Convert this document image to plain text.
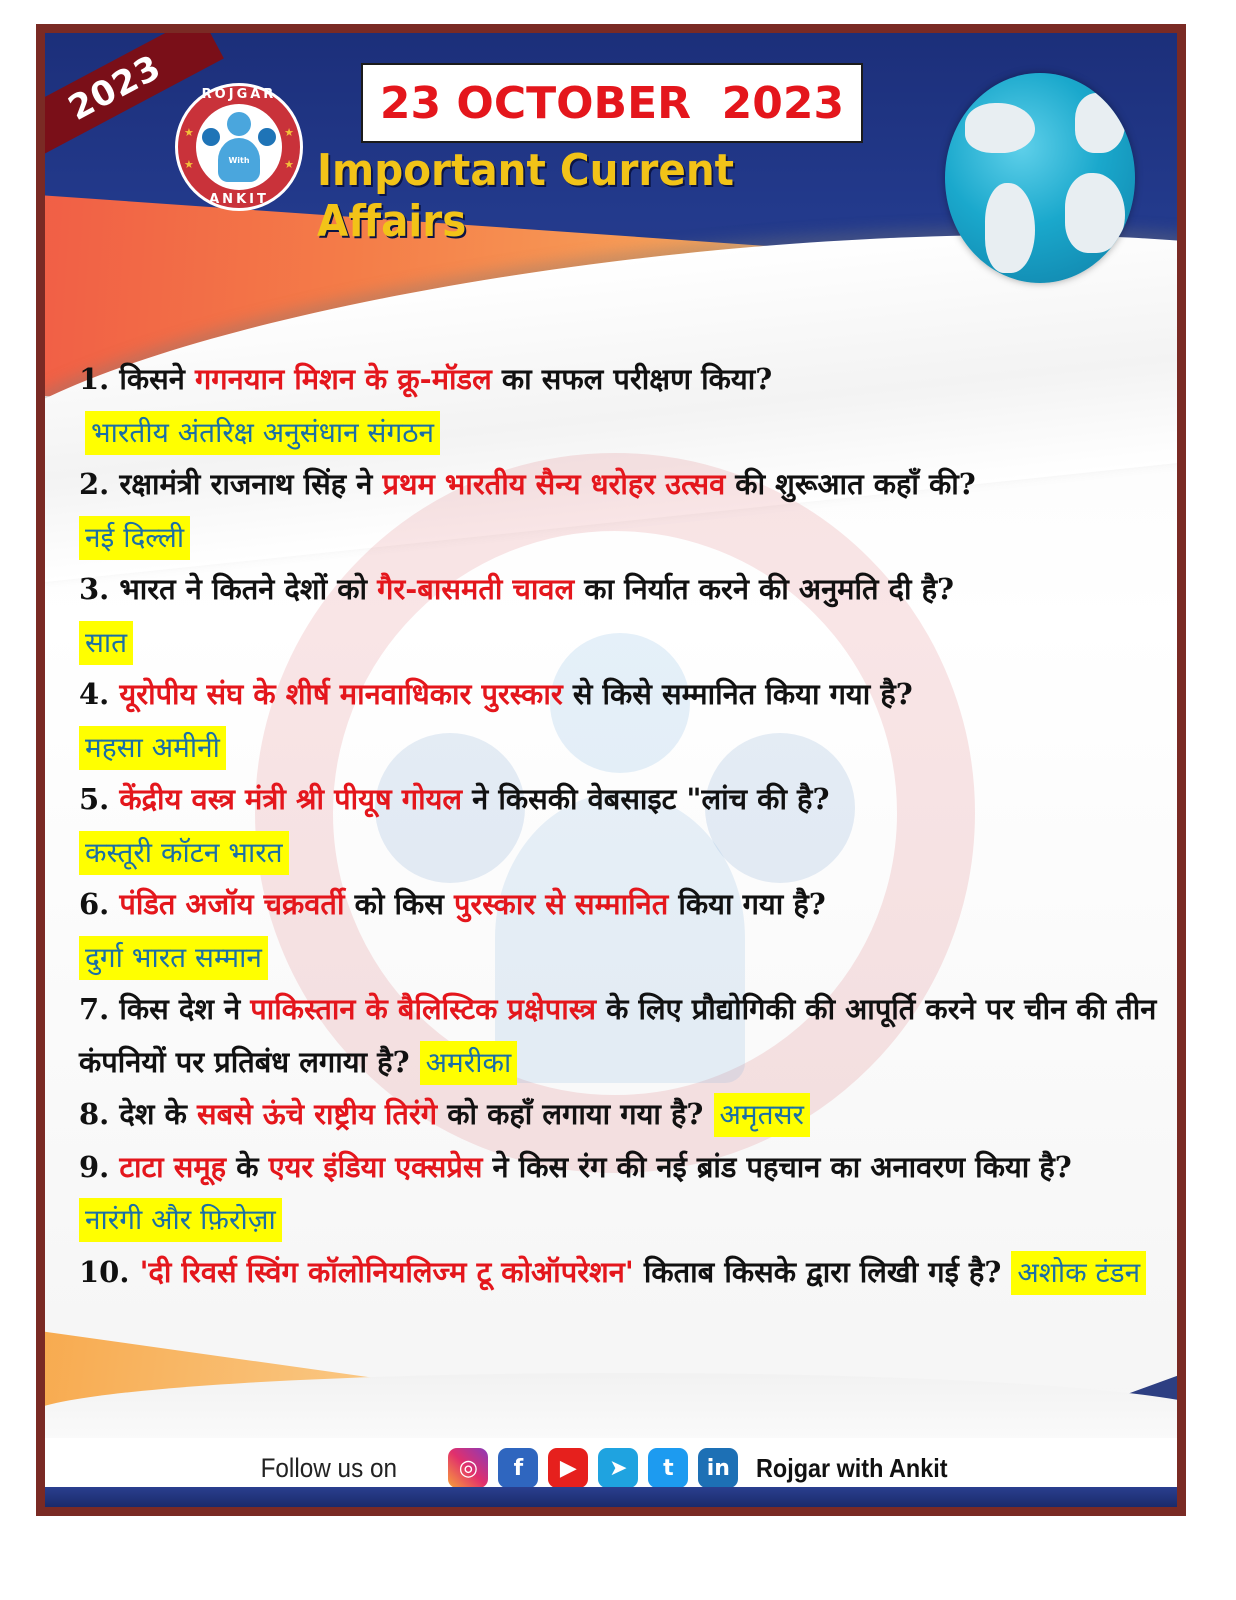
2023	ROJGAR
★	★
★	★
With
ANKIT
23 OCTOBER  2023
Important Current Affairs
1. किसने गगनयान मिशन के क्रू-मॉडल का सफल परीक्षण किया?
भारतीय अंतरिक्ष अनुसंधान संगठन
2. रक्षामंत्री राजनाथ सिंह ने प्रथम भारतीय सैन्य धरोहर उत्सव की शुरूआत कहाँ की?
नई दिल्ली
3. भारत ने कितने देशों को गैर-बासमती चावल का निर्यात करने की अनुमति दी है?
सात
4. यूरोपीय संघ के शीर्ष मानवाधिकार पुरस्कार से किसे सम्मानित किया गया है?
महसा अमीनी
5. केंद्रीय वस्त्र मंत्री श्री पीयूष गोयल ने किसकी वेबसाइट "लांच की है?
कस्तूरी कॉटन भारत
6. पंडित अजॉय चक्रवर्ती को किस पुरस्कार से सम्मानित किया गया है?
दुर्गा भारत सम्मान
7. किस देश ने पाकिस्तान के बैलिस्टिक प्रक्षेपास्त्र के लिए प्रौद्योगिकी की आपूर्ति करने पर चीन की तीन कंपनियों पर प्रतिबंध लगाया है? अमरीका
8. देश के सबसे ऊंचे राष्ट्रीय तिरंगे को कहाँ लगाया गया है? अमृतसर
9. टाटा समूह के एयर इंडिया एक्सप्रेस ने किस रंग की नई ब्रांड पहचान का अनावरण किया है? नारंगी और फ़िरोज़ा
10. 'दी रिवर्स स्विंग कॉलोनियलिज्म टू कोऑपरेशन' किताब किसके द्वारा लिखी गई है? अशोक टंडन
Follow us on	◎	f	▶	➤	t	in	Rojgar with Ankit
